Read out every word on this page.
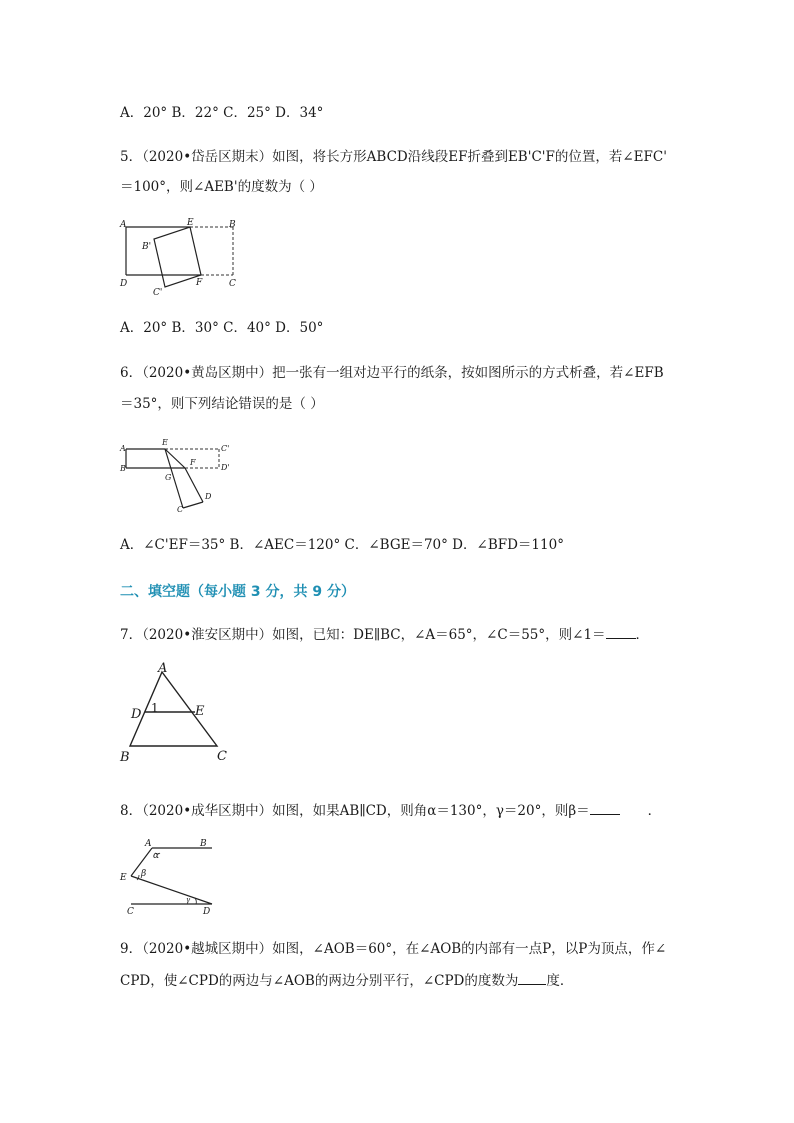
A．20° B．22° C．25° D．34°
5．（2020•岱岳区期末）如图，将长方形ABCD沿线段EF折叠到EB'C'F的位置，若∠EFC'
＝100°，则∠AEB'的度数为（ ）
A	E	B
B'
D
C'
F	C
A．20° B．30° C．40° D．50°
6．（2020•黄岛区期中）把一张有一组对边平行的纸条，按如图所示的方式析叠，若∠EFB
＝35°，则下列结论错误的是（ ）
A
E
C'
B
F
D'
G
D
C
A．∠C'EF＝35° B．∠AEC＝120° C．∠BGE＝70° D．∠BFD＝110°
二、填空题（每小题 3 分，共 9 分）
7．（2020•淮安区期中）如图，已知：DE∥BC，∠A＝65°，∠C＝55°，则∠1＝ ．
A
D 1	E
B	C
8．（2020•成华区期中）如图，如果AB∥CD，则角α＝130°，γ＝20°，则β＝	．
A
α
B
E β
C
γ
D
9．（2020•越城区期中）如图，∠AOB＝60°，在∠AOB的内部有一点P，以P为顶点，作∠
CPD，使∠CPD的两边与∠AOB的两边分别平行，∠CPD的度数为 度．
